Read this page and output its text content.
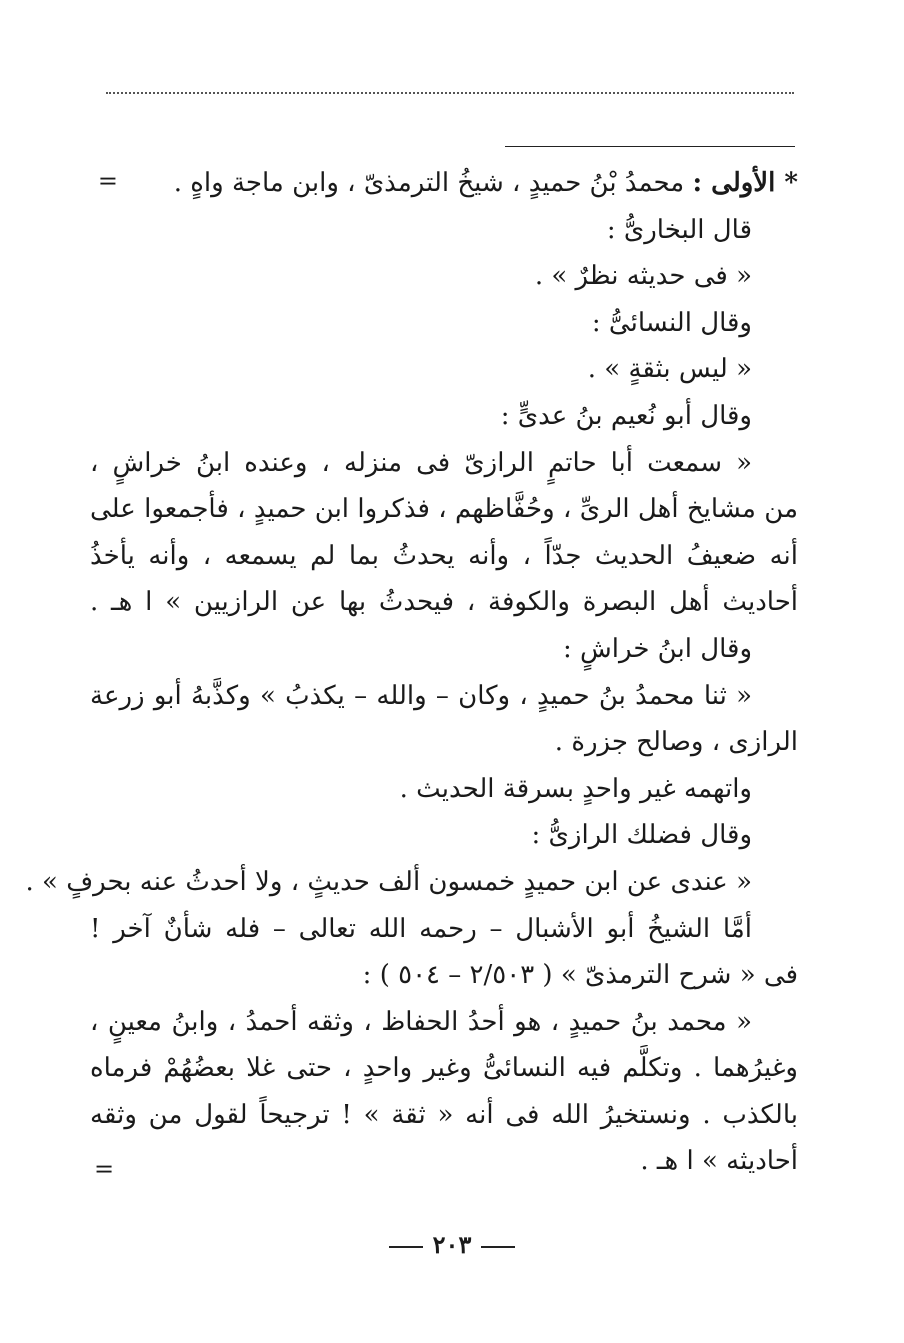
=	* الأولى : محمدُ بْنُ حميدٍ ، شيخُ الترمذىّ ، وابن ماجة واهٍ .
قال البخارىُّ :
« فى حديثه نظرٌ » .
وقال النسائىُّ :
« ليس بثقةٍ » .
وقال أبو نُعيم بنُ عدىٍّ :
« سمعت أبا حاتمٍ الرازىّ فى منزله ، وعنده ابنُ خراشٍ ،
من مشايخ أهل الرىِّ ، وحُفَّاظهم ، فذكروا ابن حميدٍ ، فأجمعوا على
أنه ضعيفُ الحديث جدّاً ، وأنه يحدثُ بما لم يسمعه ، وأنه يأخذُ
أحاديث أهل البصرة والكوفة ، فيحدثُ بها عن الرازيين » ا هـ .
وقال ابنُ خراشٍ :
« ثنا محمدُ بنُ حميدٍ ، وكان – والله – يكذبُ » وكذَّبهُ أبو زرعة
الرازى ، وصالح جزرة .
واتهمه غير واحدٍ بسرقة الحديث .
وقال فضلك الرازىُّ :
« عندى عن ابن حميدٍ خمسون ألف حديثٍ ، ولا أحدثُ عنه بحرفٍ » .
أمَّا الشيخُ أبو الأشبال – رحمه الله تعالى – فله شأنٌ آخر !
فى « شرح الترمذىّ » ( ٢/٥٠٣ – ٥٠٤ ) :
« محمد بنُ حميدٍ ، هو أحدُ الحفاظ ، وثقه أحمدُ ، وابنُ معينٍ ،
وغيرُهما . وتكلَّم فيه النسائىُّ وغير واحدٍ ، حتى غلا بعضُهُمْ فرماه
بالكذب . ونستخيرُ الله فى أنه « ثقة » ! ترجيحاً لقول من وثقه
أحاديثه » ا هـ .
=
٢٠٣
